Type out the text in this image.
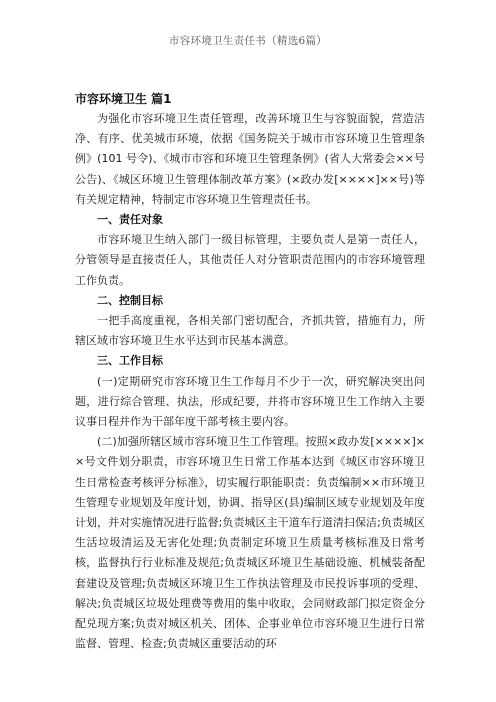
市容环境卫生责任书（精选6篇）

市容环境卫生 篇1

为强化市容环境卫生责任管理，改善环境卫生与容貌面貌，营造洁净、有序、优美城市环境，依据《国务院关于城市市容环境卫生管理条例》(101 号令)、《城市市容和环境卫生管理条例》(省人大常委会××号公告)、《城区环境卫生管理体制改革方案》(×政办发[××××]××号)等有关规定精神，特制定市容环境卫生管理责任书。

一、责任对象

市容环境卫生纳入部门一级目标管理，主要负责人是第一责任人，分管领导是直接责任人，其他责任人对分管职责范围内的市容环境管理工作负责。

二、控制目标

一把手高度重视，各相关部门密切配合，齐抓共管，措施有力，所辖区域市容环境卫生水平达到市民基本满意。

三、工作目标

(一)定期研究市容环境卫生工作每月不少于一次，研究解决突出问题，进行综合管理、执法，形成纪要，并将市容环境卫生工作纳入主要议事日程并作为干部年度干部考核主要内容。

(二)加强所辖区域市容环境卫生工作管理。按照×政办发[××××]××号文件划分职责，市容环境卫生日常工作基本达到《城区市容环境卫生日常检查考核评分标准》，切实履行职能职责：负责编制××市环境卫生管理专业规划及年度计划，协调、指导区(县)编制区域专业规划及年度计划，并对实施情况进行监督;负责城区主干道车行道清扫保洁;负责城区生活垃圾清运及无害化处理;负责制定环境卫生质量考核标准及日常考核，监督执行行业标准及规范;负责城区环境卫生基础设施、机械装备配套建设及管理;负责城区环境卫生工作执法管理及市民投诉事项的受理、解决;负责城区垃圾处理费等费用的集中收取，会同财政部门拟定资金分配兑现方案;负责对城区机关、团体、企事业单位市容环境卫生进行日常监督、管理、检查;负责城区重要活动的环
